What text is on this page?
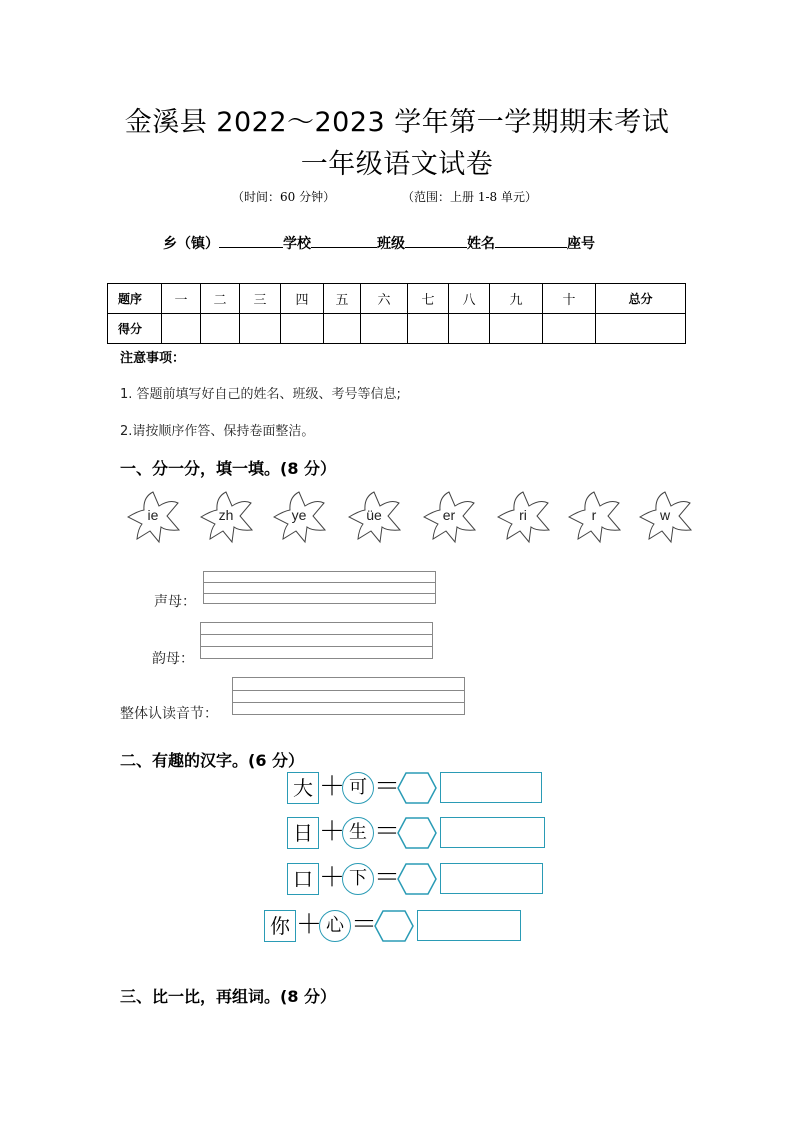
金溪县 2022～2023 学年第一学期期末考试
一年级语文试卷
（时间：60 分钟）	（范围：上册 1-8 单元）
乡（镇）	学校	班级	姓名	座号
题序	一	二	三	四	五	六	七	八	九	十	总分
得分											
注意事项：
1. 答题前填写好自己的姓名、班级、考号等信息;
2.请按顺序作答、保持卷面整洁。
一、分一分，填一填。(8 分）
ie	zh	ye	üe	er	ri	r	w
声母：
韵母：
整体认读音节：
二、有趣的汉字。(6 分）
大 ＋ 可 ＝
日 ＋ 生 ＝
口 ＋ 下 ＝
你 ＋ 心 ＝
三、比一比，再组词。(8 分）
